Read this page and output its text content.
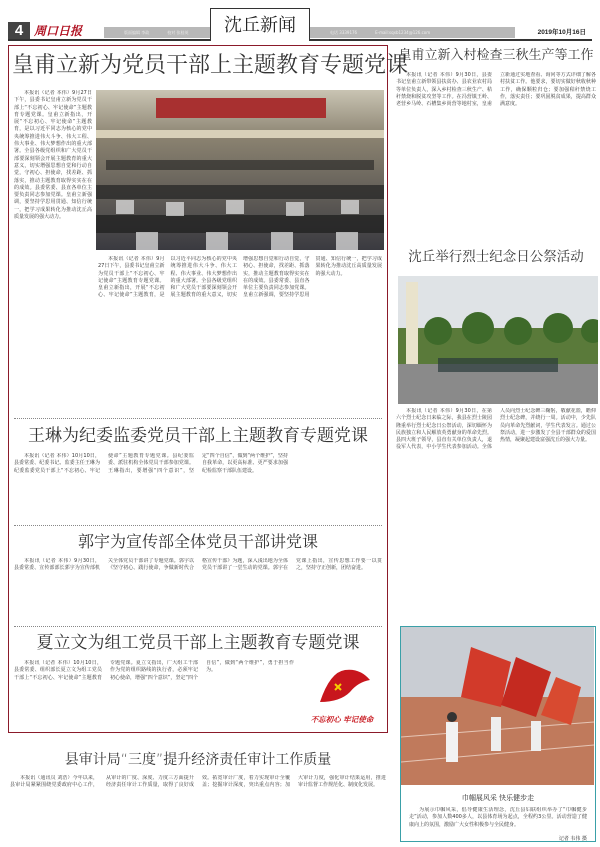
4 周口日报	版面编辑 李政	校对 张桂英	电话 3339176	E-mail:sqxb1234@126.com	2019年10月16日
沈丘新闻
皇甫立新为党员干部上主题教育专题党课
本报讯（记者 本伟）9月27日下午，县委书记皇甫立新为党员干部上“不忘初心、牢记使命”主题教育专题党课。皇甫立新指出，开展“不忘初心、牢记使命”主题教育，是以习近平同志为核心的党中央统筹推进伟大斗争、伟大工程、伟大事业、伟大梦想作出的重大部署。全县各级党组织和广大党员干部要深刻领会开展主题教育的重大意义，切实增强思想自觉和行动自觉，守初心、担使命，找差距、抓落实，推动主题教育取得实实在在的成效。县委常委、县直各单位主要负责同志参加党课。皇甫立新强调，要坚持学思用贯通、知信行统一，把学习成果转化为推动沈丘高质量发展的强大动力。
本报讯（记者 本伟）9月27日下午，县委书记皇甫立新为党员干部上“不忘初心、牢记使命”主题教育专题党课。皇甫立新指出，开展“不忘初心、牢记使命”主题教育，是以习近平同志为核心的党中央统筹推进伟大斗争、伟大工程、伟大事业、伟大梦想作出的重大部署。全县各级党组织和广大党员干部要深刻领会开展主题教育的重大意义，切实增强思想自觉和行动自觉，守初心、担使命，找差距、抓落实，推动主题教育取得实实在在的成效。县委常委、县直各单位主要负责同志参加党课。皇甫立新强调，要坚持学思用贯通、知信行统一，把学习成果转化为推动沈丘高质量发展的强大动力。
王琳为纪委监委党员干部上主题教育专题党课
本报讯（记者 本伟）10月10日，县委常委、纪委书记、监委主任王琳为纪委监委党员干部上“不忘初心、牢记使命”主题教育专题党课。县纪委监委、派驻机构全体党员干部参加党课。王琳指出，要增强“四个意识”，坚定“四个自信”，做到“两个维护”，坚持自我革命，以更高标准、更严要求加强纪检监察干部队伍建设。
郭宇为宣传部全体党员干部讲党课
本报讯（记者 本伟）9月30日，县委常委、宣传部部长郭宇为宣传部机关全体党员干部讲了专题党课。郭宇以《坚守初心、践行使命，争做新时代合格宣传干部》为题，深入浅出地为全体党员干部讲了一堂生动的党课。郭宇在党课上指出，宣传思想工作要一以贯之，坚持守正创新，团结奋进。
夏立文为组工党员干部上主题教育专题党课
本报讯（记者 本伟）10月10日，县委常委、组织部长夏立文为组工党员干部上“不忘初心、牢记使命”主题教育专题党课。夏立文指出，广大组工干部作为党的组织路线的执行者，必须牢记初心使命，增强“四个意识”，坚定“四个自信”，做到“两个维护”，勇于担当作为。
不忘初心 牢记使命
县审计局“三度”提升经济责任审计工作质量
本报讯（通讯员 刘浩）今年以来，县审计局紧紧围绕党委政府中心工作，从审计的广度、深度、力度三方面提升经济责任审计工作质量，取得了良好成效。拓宽审计广度，着力实现审计全覆盖；挖掘审计深度，突出重点内容；加大审计力度，强化审计结果运用，推进审计监督工作规范化、制度化发展。
皇甫立新入村检查三秋生产等工作
本报讯（记者 本伟）9月30日，县委书记皇甫立新带领县扶贫办、县农业农村局等单位负责人，深入乡村检查三秋生产、秸秆禁烧和脱贫攻坚等工作。在冯营镇王岭、老营乡马岭、石槽集乡尚营等地村室，皇甫立新通过实地查看、询问等方式详细了解各村扶贫工作。他要求，要切实做好秋收秋种工作，确保颗粒归仓；要加强秸秆禁烧工作，落实责任；要巩固脱贫成果，提高群众满意度。
沈丘举行烈士纪念日公祭活动
本报讯（记者 本伟）9月30日，在第六个烈士纪念日来临之际，我县在烈士陵园隆重举行烈士纪念日公祭活动，深切缅怀为民族独立和人民解放英勇献身的革命先烈。县四大班子领导，县直有关单位负责人，退役军人代表，中小学生代表参加活动。全体人员向烈士纪念碑三鞠躬，敬献花篮，瞻仰烈士纪念碑，并绕行一周。活动中，少先队员向革命先烈献词，学生代表发言。通过公祭活动，进一步激发了全县干部群众的爱国热情，凝聚起建设富强沈丘的强大力量。
巾帼展风采 快乐健步走
为展示巾帼风采，倡导健康生活理念，沈丘县妇联组织举办了“巾帼健步走”活动，参加人数400多人，以县体育场为起点，全程约3公里。活动营造了健康向上的氛围，激励广大女性积极参与全民健身。
记者 韦伟 摄
